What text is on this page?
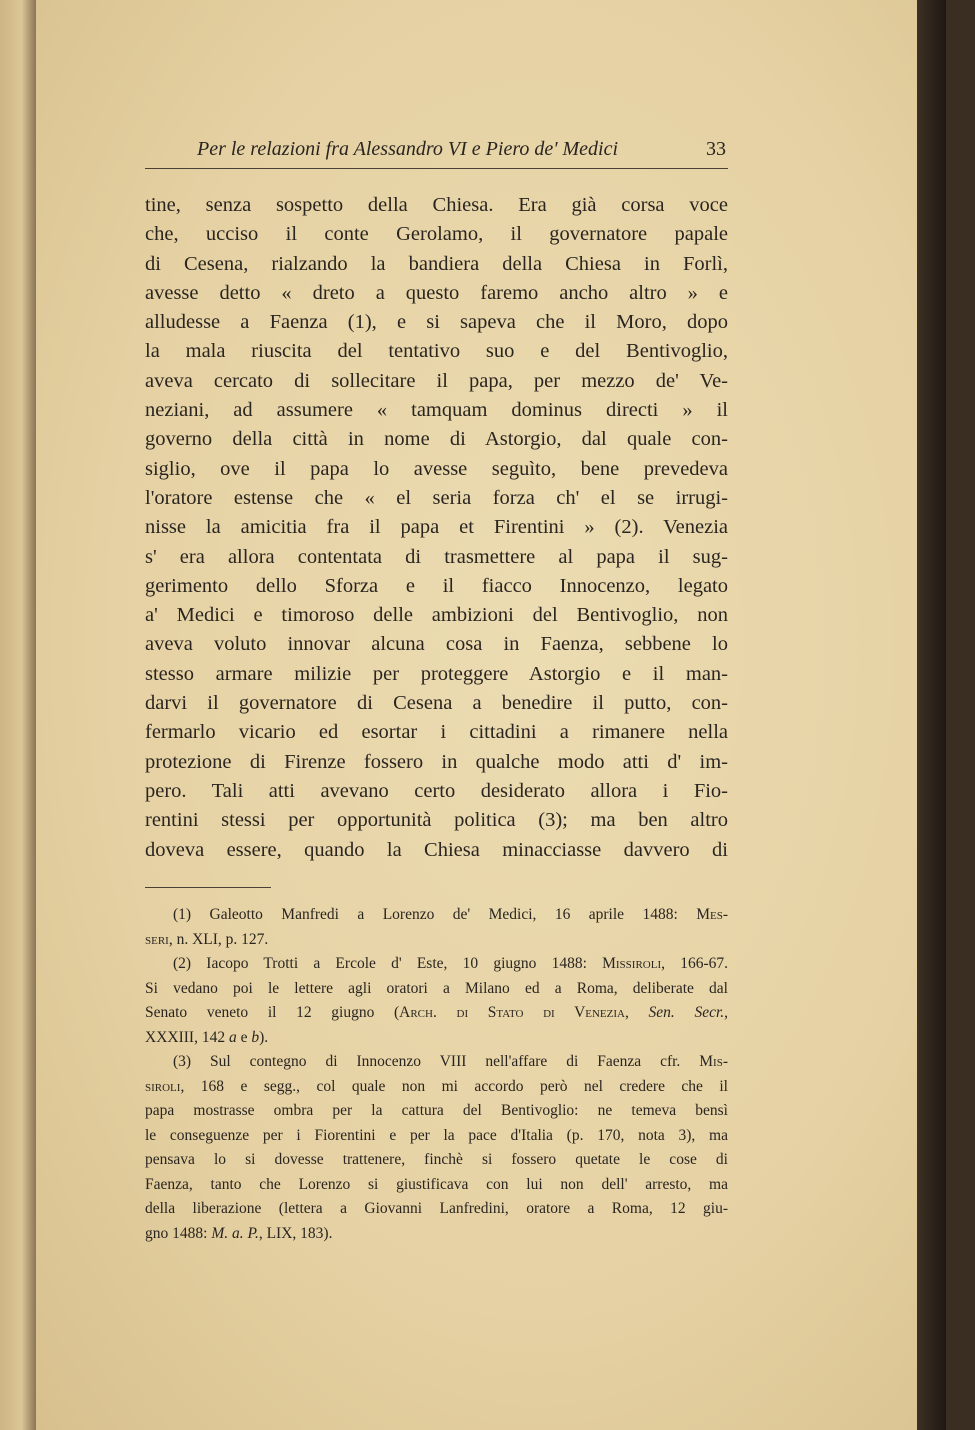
Per le relazioni fra Alessandro VI e Piero de' Medici	33
tine, senza sospetto della Chiesa. Era già corsa voce
che, ucciso il conte Gerolamo, il governatore papale
di Cesena, rialzando la bandiera della Chiesa in Forlì,
avesse detto « dreto a questo faremo ancho altro » e
alludesse a Faenza (1), e si sapeva che il Moro, dopo
la mala riuscita del tentativo suo e del Bentivoglio,
aveva cercato di sollecitare il papa, per mezzo de' Ve-
neziani, ad assumere « tamquam dominus directi » il
governo della città in nome di Astorgio, dal quale con-
siglio, ove il papa lo avesse seguìto, bene prevedeva
l'oratore estense che « el seria forza ch' el se irrugi-
nisse la amicitia fra il papa et Firentini » (2). Venezia
s' era allora contentata di trasmettere al papa il sug-
gerimento dello Sforza e il fiacco Innocenzo, legato
a' Medici e timoroso delle ambizioni del Bentivoglio, non
aveva voluto innovar alcuna cosa in Faenza, sebbene lo
stesso armare milizie per proteggere Astorgio e il man-
darvi il governatore di Cesena a benedire il putto, con-
fermarlo vicario ed esortar i cittadini a rimanere nella
protezione di Firenze fossero in qualche modo atti d' im-
pero. Tali atti avevano certo desiderato allora i Fio-
rentini stessi per opportunità politica (3); ma ben altro
doveva essere, quando la Chiesa minacciasse davvero di
(1) Galeotto Manfredi a Lorenzo de' Medici, 16 aprile 1488: Mes-
seri, n. XLI, p. 127.
(2) Iacopo Trotti a Ercole d' Este, 10 giugno 1488: Missiroli, 166-67.
Si vedano poi le lettere agli oratori a Milano ed a Roma, deliberate dal
Senato veneto il 12 giugno (Arch. di Stato di Venezia, Sen. Secr.,
XXXIII, 142 a e b).
(3) Sul contegno di Innocenzo VIII nell'affare di Faenza cfr. Mis-
siroli, 168 e segg., col quale non mi accordo però nel credere che il
papa mostrasse ombra per la cattura del Bentivoglio: ne temeva bensì
le conseguenze per i Fiorentini e per la pace d'Italia (p. 170, nota 3), ma
pensava lo si dovesse trattenere, finchè si fossero quetate le cose di
Faenza, tanto che Lorenzo si giustificava con lui non dell' arresto, ma
della liberazione (lettera a Giovanni Lanfredini, oratore a Roma, 12 giu-
gno 1488: M. a. P., LIX, 183).
